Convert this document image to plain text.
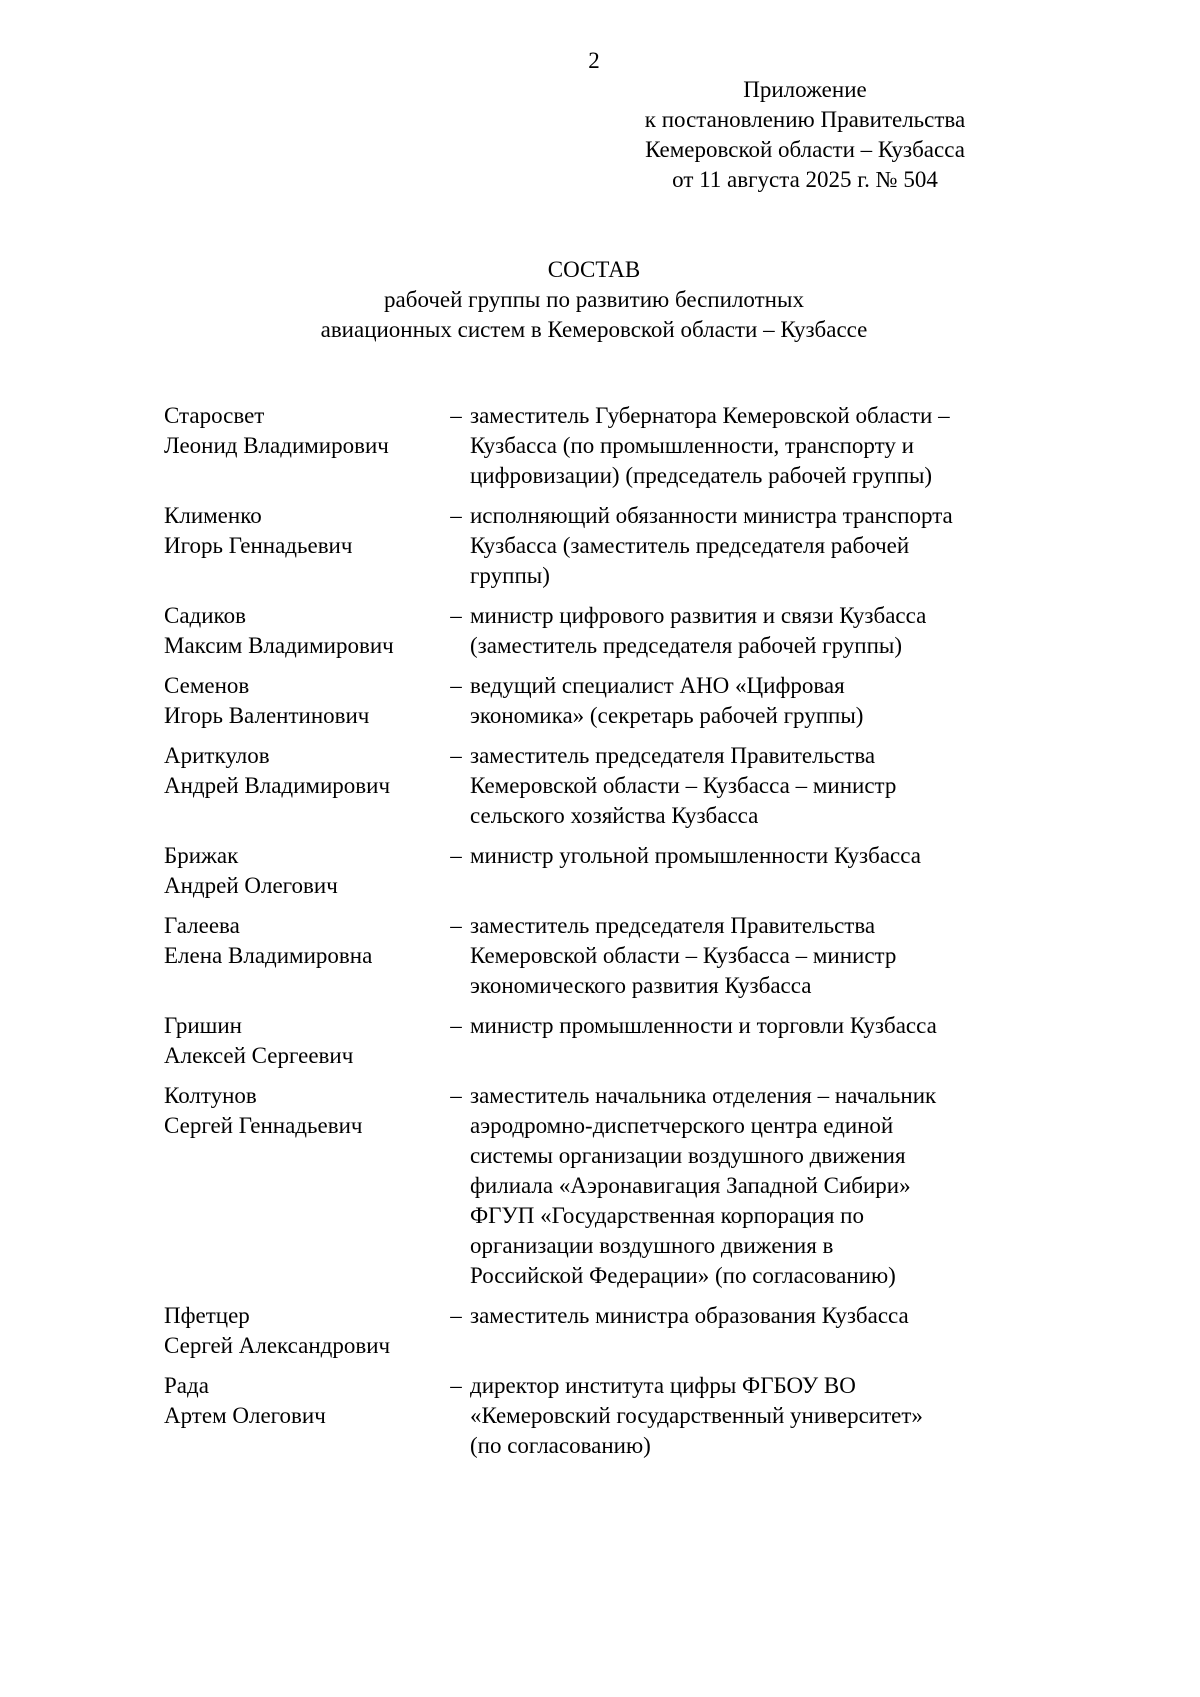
2
Приложение
к постановлению Правительства
Кемеровской области – Кузбасса
от 11 августа 2025 г. № 504
СОСТАВ
рабочей группы по развитию беспилотных
авиационных систем в Кемеровской области – Кузбассе
Старосвет
Леонид Владимирович
– заместитель Губернатора Кемеровской области –
Кузбасса (по промышленности, транспорту и
цифровизации) (председатель рабочей группы)
Клименко
Игорь Геннадьевич
– исполняющий обязанности министра транспорта
Кузбасса (заместитель председателя рабочей
группы)
Садиков
Максим Владимирович
– министр цифрового развития и связи Кузбасса
(заместитель председателя рабочей группы)
Семенов
Игорь Валентинович
– ведущий специалист АНО «Цифровая
экономика» (секретарь рабочей группы)
Ариткулов
Андрей Владимирович
– заместитель председателя Правительства
Кемеровской области – Кузбасса – министр
сельского хозяйства Кузбасса
Брижак
Андрей Олегович
– министр угольной промышленности Кузбасса
Галеева
Елена Владимировна
– заместитель председателя Правительства
Кемеровской области – Кузбасса – министр
экономического развития Кузбасса
Гришин
Алексей Сергеевич
– министр промышленности и торговли Кузбасса
Колтунов
Сергей Геннадьевич
– заместитель начальника отделения – начальник
аэродромно-диспетчерского центра единой
системы организации воздушного движения
филиала «Аэронавигация Западной Сибири»
ФГУП «Государственная корпорация по
организации воздушного движения в
Российской Федерации» (по согласованию)
Пфетцер
Сергей Александрович
– заместитель министра образования Кузбасса
Рада
Артем Олегович
– директор института цифры ФГБОУ ВО
«Кемеровский государственный университет»
(по согласованию)
